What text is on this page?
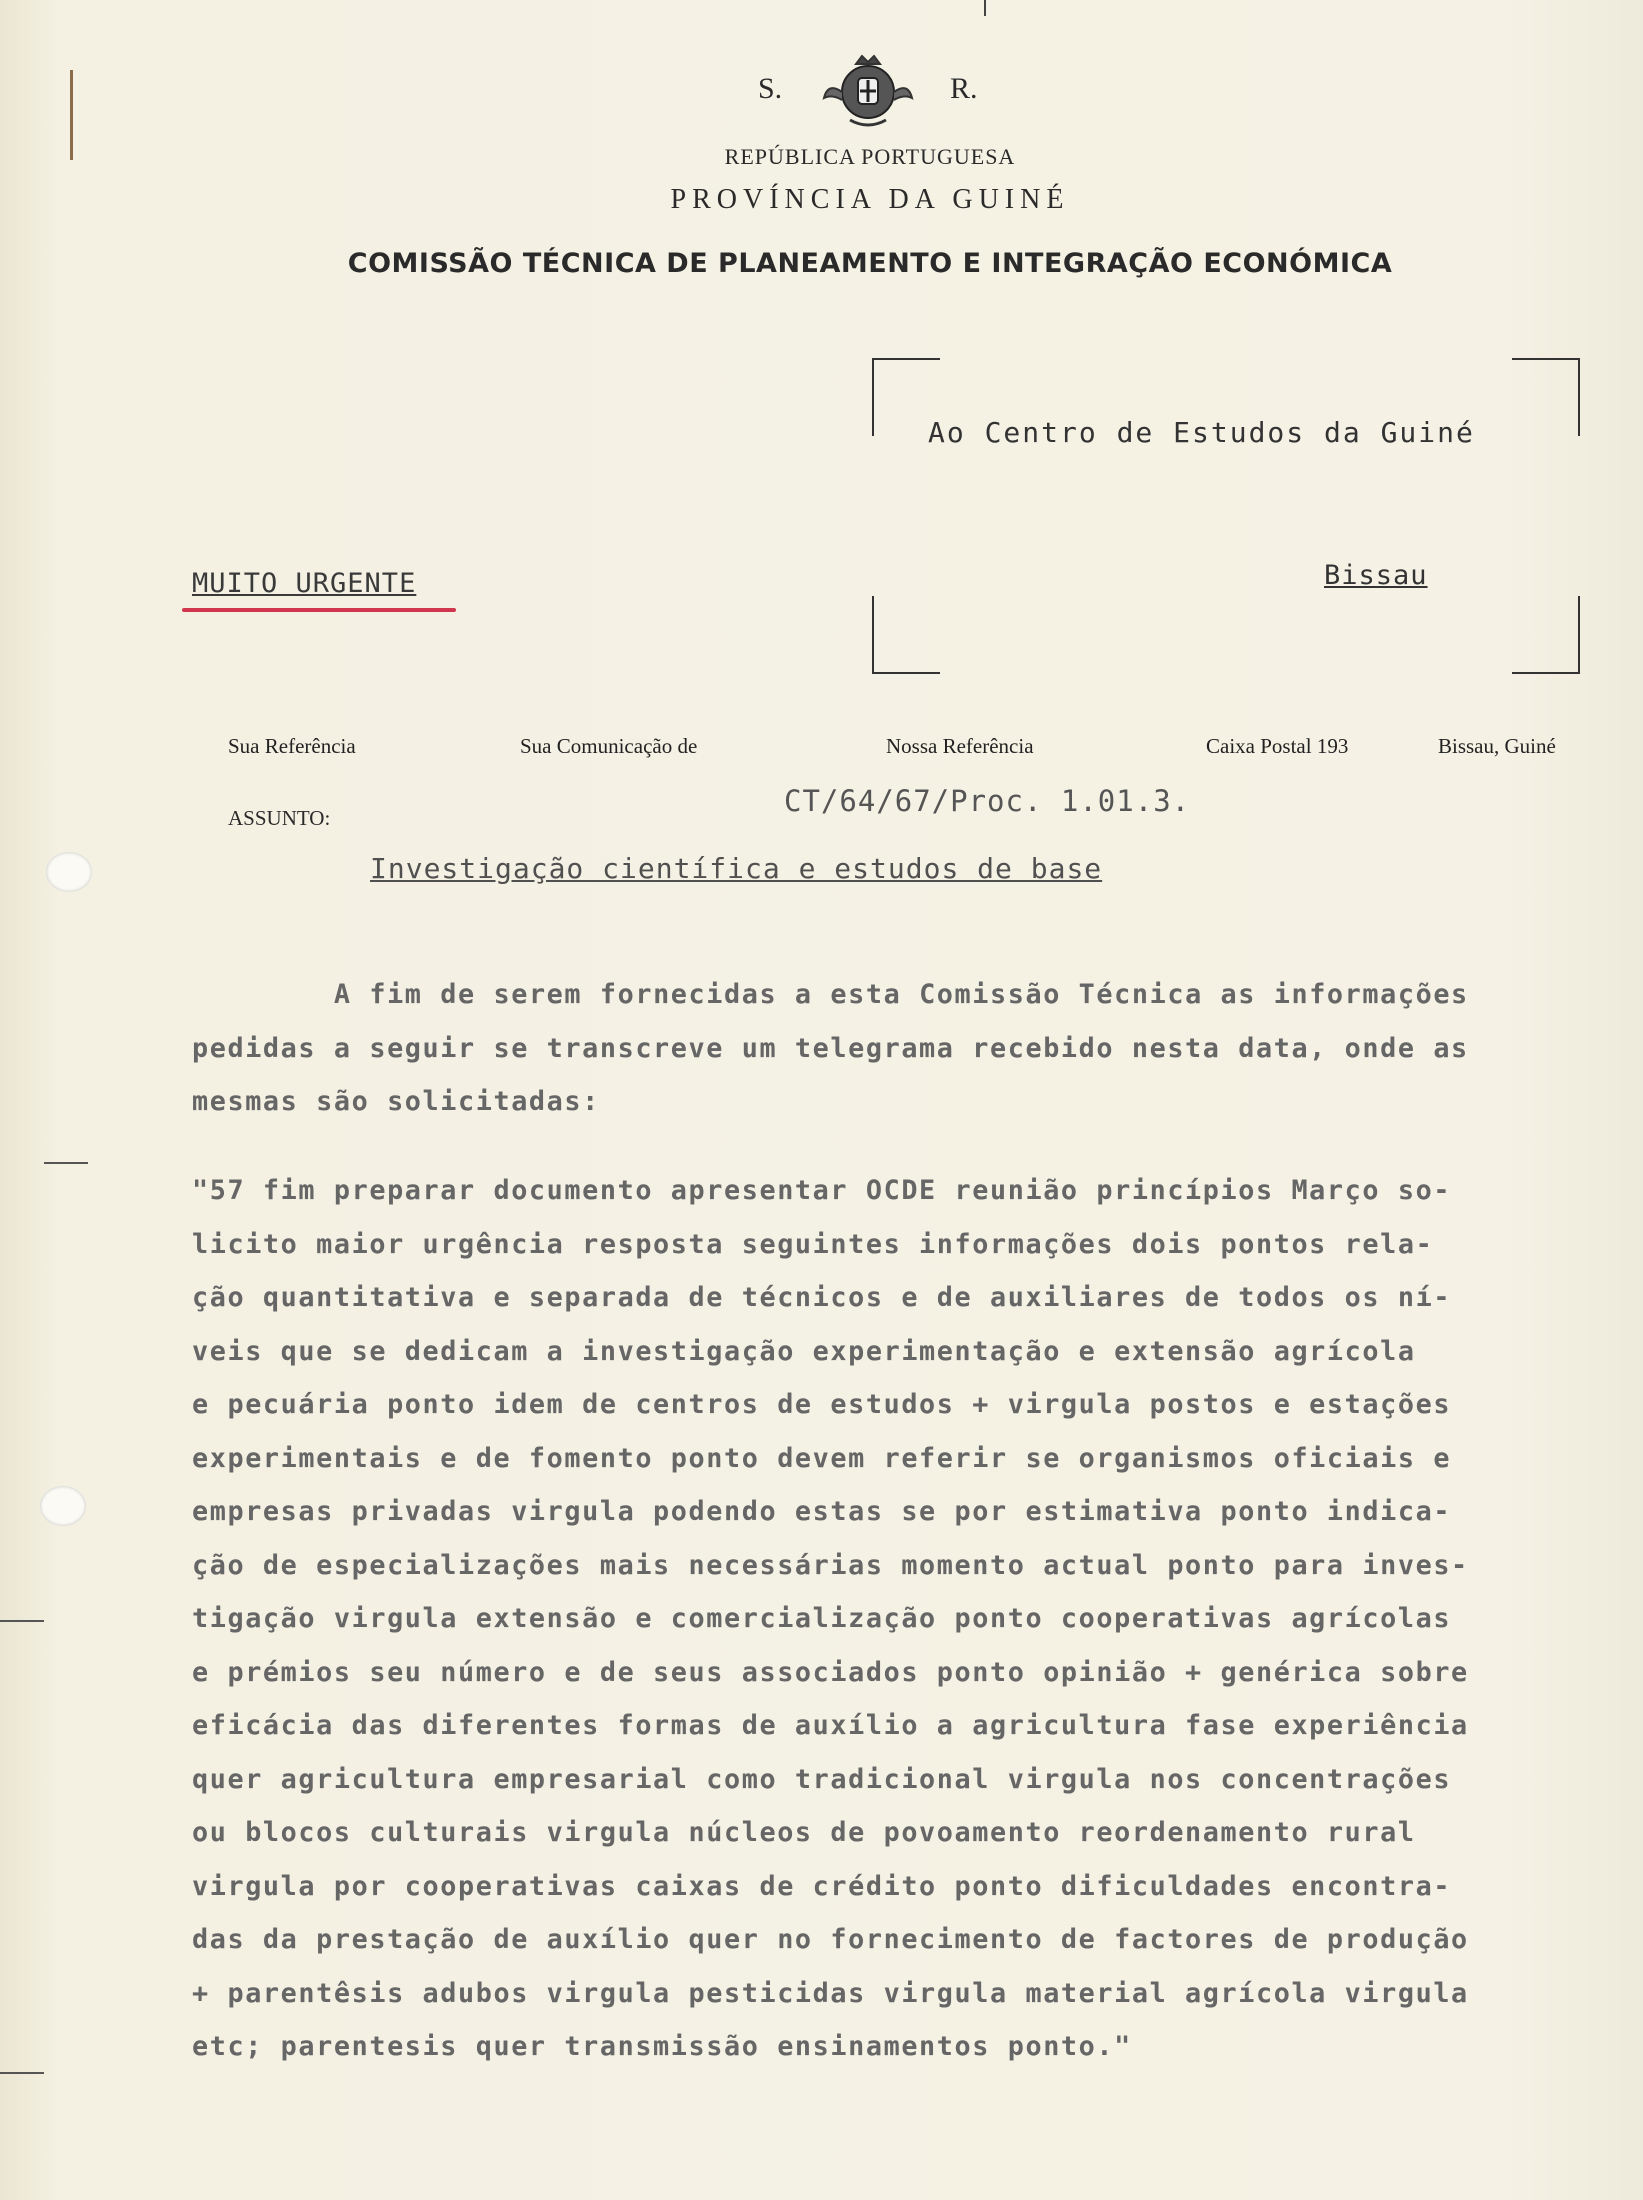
S.	R.
REPÚBLICA PORTUGUESA
PROVÍNCIA DA GUINÉ
COMISSÃO TÉCNICA DE PLANEAMENTO E INTEGRAÇÃO ECONÓMICA
Ao Centro de Estudos da Guiné
Bissau
MUITO URGENTE
Sua Referência	Sua Comunicação de	Nossa Referência	Caixa Postal 193	Bissau, Guiné
ASSUNTO:	CT/64/67/Proc. 1.01.3.
Investigação científica e estudos de base
A fim de serem fornecidas a esta Comissão Técnica as informações
pedidas a seguir se transcreve um telegrama recebido nesta data, onde as
mesmas são solicitadas:
"57 fim preparar documento apresentar OCDE reunião princípios Março so-
licito maior urgência resposta seguintes informações dois pontos rela-
ção quantitativa e separada de técnicos e de auxiliares de todos os ní-
veis que se dedicam a investigação experimentação e extensão agrícola
e pecuária ponto idem de centros de estudos + virgula postos e estações
experimentais e de fomento ponto devem referir se organismos oficiais e
empresas privadas virgula podendo estas se por estimativa ponto indica-
ção de especializações mais necessárias momento actual ponto para inves-
tigação virgula extensão e comercialização ponto cooperativas agrícolas
e prémios seu número e de seus associados ponto opinião + genérica sobre
eficácia das diferentes formas de auxílio a agricultura fase experiência
quer agricultura empresarial como tradicional virgula nos concentrações
ou blocos culturais virgula núcleos de povoamento reordenamento rural
virgula por cooperativas caixas de crédito ponto dificuldades encontra-
das da prestação de auxílio quer no fornecimento de factores de produção
+ parentêsis adubos virgula pesticidas virgula material agrícola virgula
etc; parentesis quer transmissão ensinamentos ponto."
